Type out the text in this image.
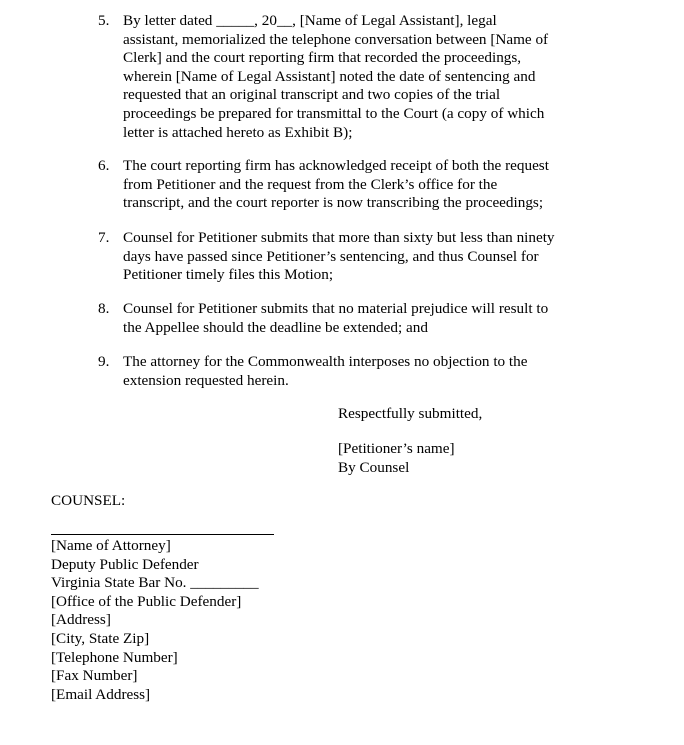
5. By letter dated _____, 20__, [Name of Legal Assistant], legal
assistant, memorialized the telephone conversation between [Name of
Clerk] and the court reporting firm that recorded the proceedings,
wherein [Name of Legal Assistant] noted the date of sentencing and
requested that an original transcript and two copies of the trial
proceedings be prepared for transmittal to the Court (a copy of which
letter is attached hereto as Exhibit B);
6. The court reporting firm has acknowledged receipt of both the request
from Petitioner and the request from the Clerk’s office for the
transcript, and the court reporter is now transcribing the proceedings;
7. Counsel for Petitioner submits that more than sixty but less than ninety
days have passed since Petitioner’s sentencing, and thus Counsel for
Petitioner timely files this Motion;
8. Counsel for Petitioner submits that no material prejudice will result to
the Appellee should the deadline be extended; and
9. The attorney for the Commonwealth interposes no objection to the
extension requested herein.
Respectfully submitted,
[Petitioner’s name]
By Counsel
COUNSEL:
[Name of Attorney]
Deputy Public Defender
Virginia State Bar No. _________
[Office of the Public Defender]
[Address]
[City, State Zip]
[Telephone Number]
[Fax Number]
[Email Address]
